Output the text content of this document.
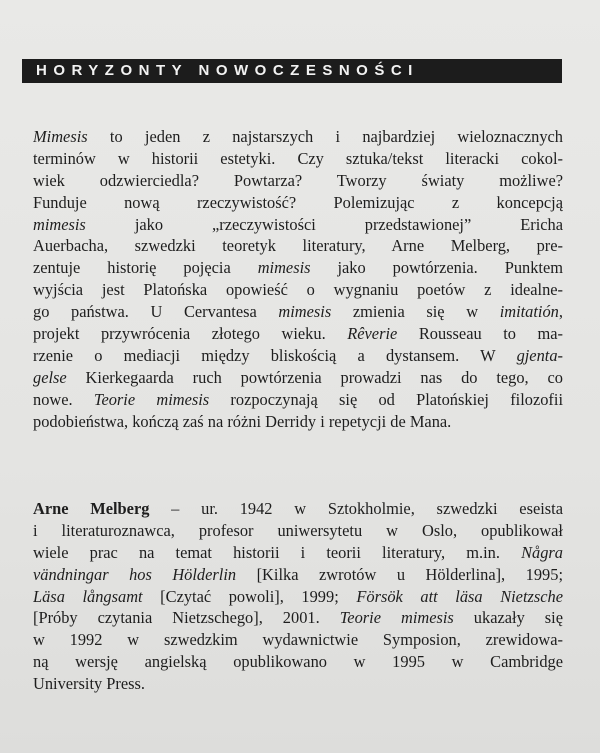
HORYZONTY NOWOCZESNOŚCI
Mimesis to jeden z najstarszych i najbardziej wieloznacznych
terminów w historii estetyki. Czy sztuka/tekst literacki cokol-
wiek odzwierciedla? Powtarza? Tworzy światy możliwe?
Funduje nową rzeczywistość? Polemizując z koncepcją
mimesis jako „rzeczywistości przedstawionej” Ericha
Auerbacha, szwedzki teoretyk literatury, Arne Melberg, pre-
zentuje historię pojęcia mimesis jako powtórzenia. Punktem
wyjścia jest Platońska opowieść o wygnaniu poetów z idealne-
go państwa. U Cervantesa mimesis zmienia się w imitatión,
projekt przywrócenia złotego wieku. Rêverie Rousseau to ma-
rzenie o mediacji między bliskością a dystansem. W gjenta-
gelse Kierkegaarda ruch powtórzenia prowadzi nas do tego, co
nowe. Teorie mimesis rozpoczynają się od Platońskiej filozofii
podobieństwa, kończą zaś na różni Derridy i repetycji de Mana.
Arne Melberg – ur. 1942 w Sztokholmie, szwedzki eseista
i literaturoznawca, profesor uniwersytetu w Oslo, opublikował
wiele prac na temat historii i teorii literatury, m.in. Några
vändningar hos Hölderlin [Kilka zwrotów u Hölderlina], 1995;
Läsa långsamt [Czytać powoli], 1999; Försök att läsa Nietzsche
[Próby czytania Nietzschego], 2001. Teorie mimesis ukazały się
w 1992 w szwedzkim wydawnictwie Symposion, zrewidowa-
ną wersję angielską opublikowano w 1995 w Cambridge
University Press.
